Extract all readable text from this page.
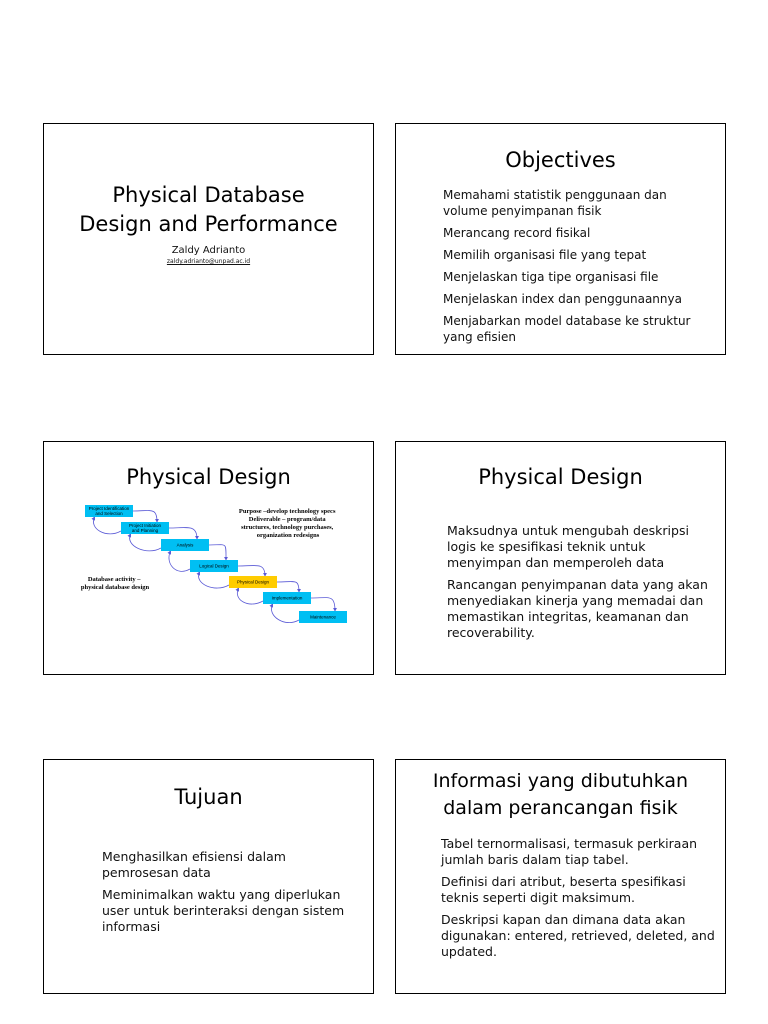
Physical Database
Design and Performance
Zaldy Adrianto
zaldy.adrianto@unpad.ac.id
Objectives
Memahami statistik penggunaan dan volume penyimpanan fisik
Merancang record fisikal
Memilih organisasi file yang tepat
Menjelaskan tiga tipe organisasi file
Menjelaskan index dan penggunaannya
Menjabarkan model database ke struktur yang efisien
Physical Design
Project Identification and Selection
Project Initiation and Planning
Analysis
Logical Design
Physical Design
Implementation
Maintenance
Purpose –develop technology specs Deliverable – program/data structures, technology purchases, organization redesigns
Database activity – physical database design
Physical Design
Maksudnya untuk mengubah deskripsi logis ke spesifikasi teknik untuk menyimpan dan memperoleh data
Rancangan penyimpanan data yang akan menyediakan kinerja yang memadai dan memastikan integritas, keamanan dan recoverability.
Tujuan
Menghasilkan efisiensi dalam pemrosesan data
Meminimalkan waktu yang diperlukan user untuk berinteraksi dengan sistem informasi
Informasi yang dibutuhkan
dalam perancangan fisik
Tabel ternormalisasi, termasuk perkiraan jumlah baris dalam tiap tabel.
Definisi dari atribut, beserta spesifikasi teknis seperti digit maksimum.
Deskripsi kapan dan dimana data akan digunakan: entered, retrieved, deleted, and updated.
